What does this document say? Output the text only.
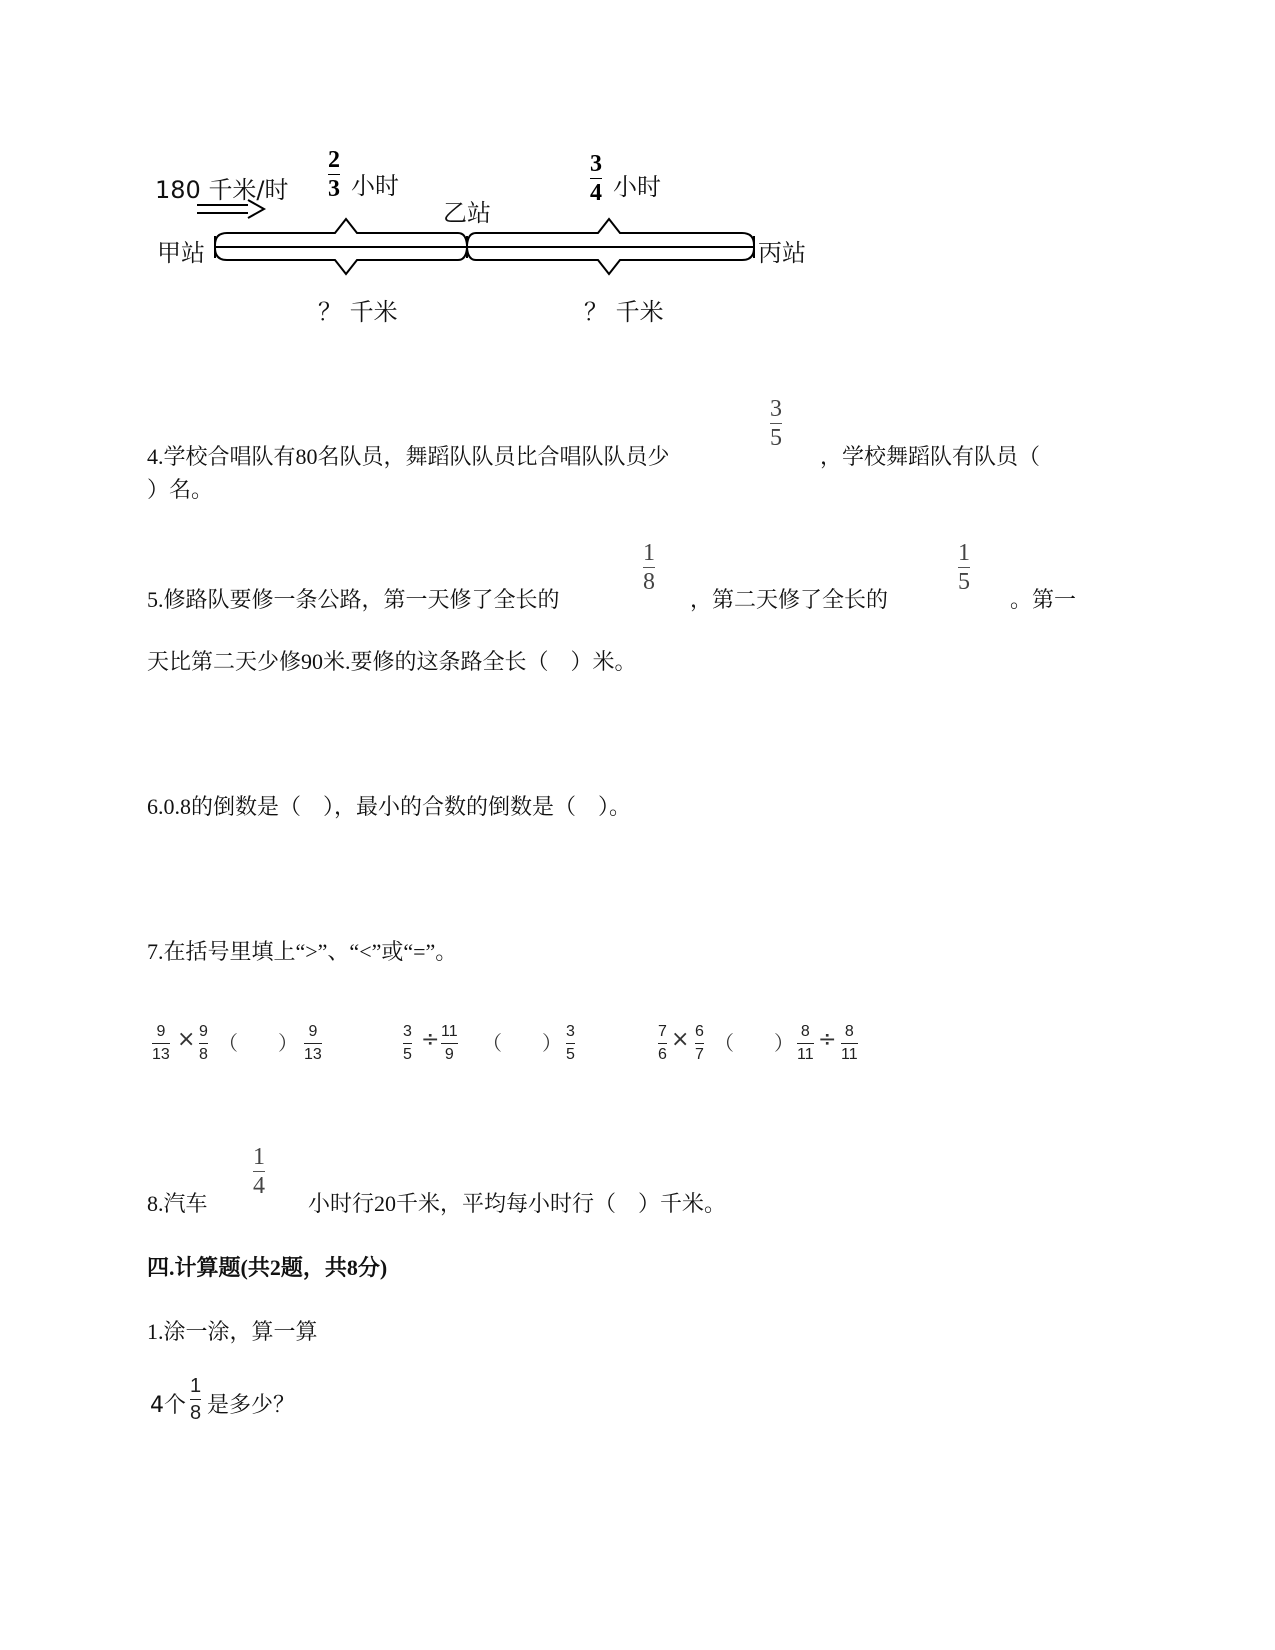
180 千米/时
2
3 小时
乙站
3
4 小时
甲站	丙站
？ 千米	？ 千米
4.学校合唱队有80名队员，舞蹈队队员比合唱队队员少
3
5
，学校舞蹈队有队员（
）名。
5.修路队要修一条公路，第一天修了全长的
1
8
，第二天修了全长的
1
5
。第一
天比第二天少修90米.要修的这条路全长（　）米。
6.0.8的倒数是（　），最小的合数的倒数是（　）。
7.在括号里填上“>”、“<”或“=”。
9
13
× 9
8 （　　） 9
13
3
5
÷ 11
9 （　　） 3
5
7
6
× 6
7 （　　） 8
11
÷ 8
11
8.汽车
1
4
小时行20千米，平均每小时行（　）千米。
四.计算题(共2题，共8分)
1.涂一涂，算一算
4个
1
8 是多少？
